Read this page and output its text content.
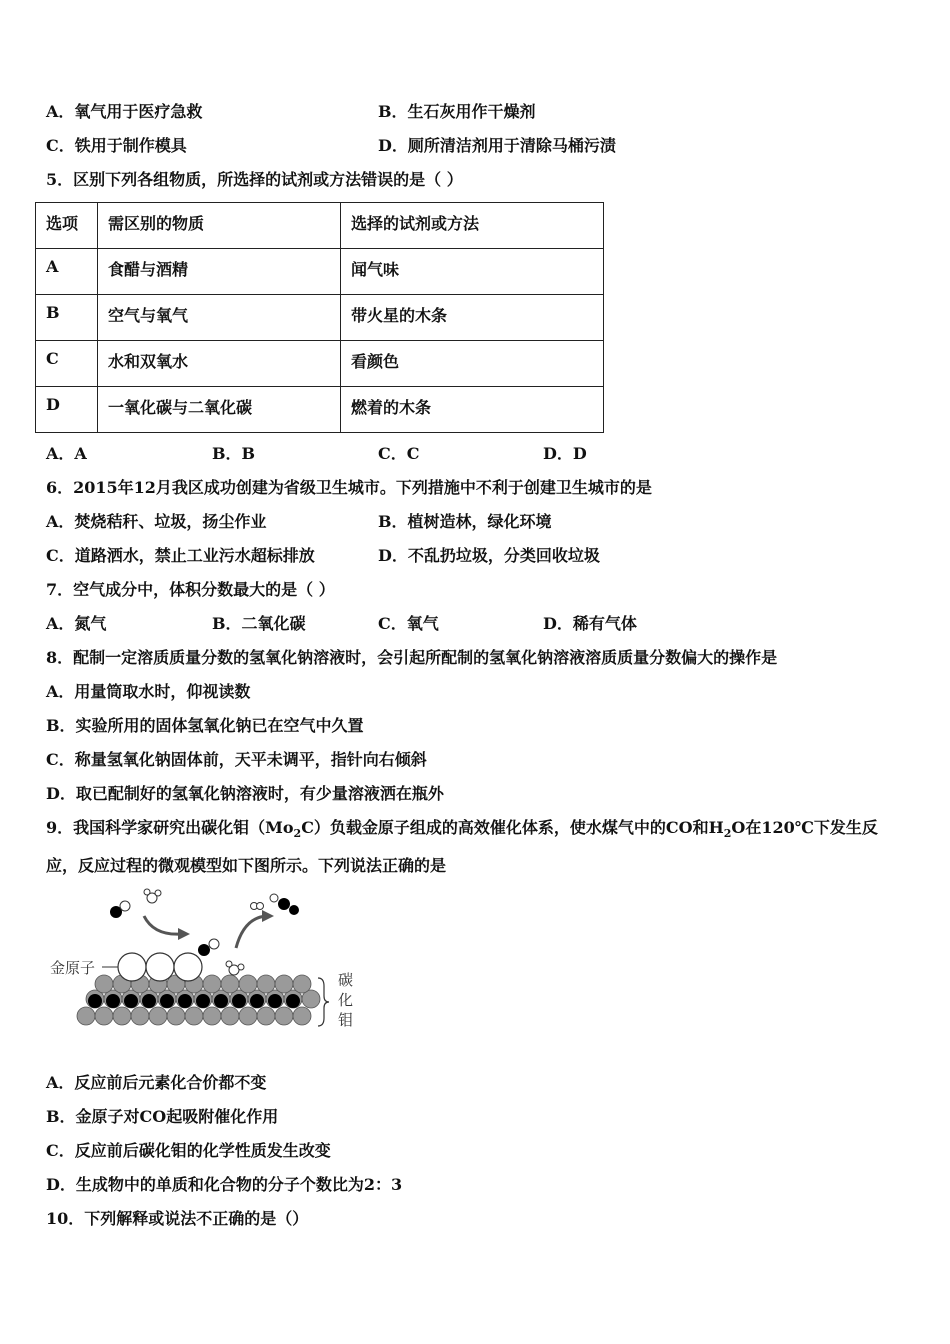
A．氧气用于医疗急救	B．生石灰用作干燥剂
C．铁用于制作模具	D．厕所清洁剂用于清除马桶污渍
5．区别下列各组物质，所选择的试剂或方法错误的是（ ）
选项	需区别的物质	选择的试剂或方法
A	食醋与酒精	闻气味
B	空气与氧气	带火星的木条
C	水和双氧水	看颜色
D	一氧化碳与二氧化碳	燃着的木条
A．A	B．B	C．C	D．D
6．2015年12月我区成功创建为省级卫生城市。下列措施中不利于创建卫生城市的是
A．焚烧秸秆、垃圾，扬尘作业	B．植树造林，绿化环境
C．道路洒水，禁止工业污水超标排放	D．不乱扔垃圾，分类回收垃圾
7．空气成分中，体积分数最大的是（ ）
A．氮气	B．二氧化碳	C．氧气	D．稀有气体
8．配制一定溶质质量分数的氢氧化钠溶液时，会引起所配制的氢氧化钠溶液溶质质量分数偏大的操作是
A．用量筒取水时，仰视读数
B．实验所用的固体氢氧化钠已在空气中久置
C．称量氢氧化钠固体前，天平未调平，指针向右倾斜
D．取已配制好的氢氧化钠溶液时，有少量溶液洒在瓶外
9．我国科学家研究出碳化钼$(Mo_2C)$负载金原子组成的高效催化体系，使水煤气中的CO和$H_2O$在120℃下发生反
应，反应过程的微观模型如下图所示。下列说法正确的是
金原子
碳
化
钼
A．反应前后元素化合价都不变
B．金原子对CO起吸附催化作用
C．反应前后碳化钼的化学性质发生改变
D．生成物中的单质和化合物的分子个数比为2：3
10．下列解释或说法不正确的是（）
